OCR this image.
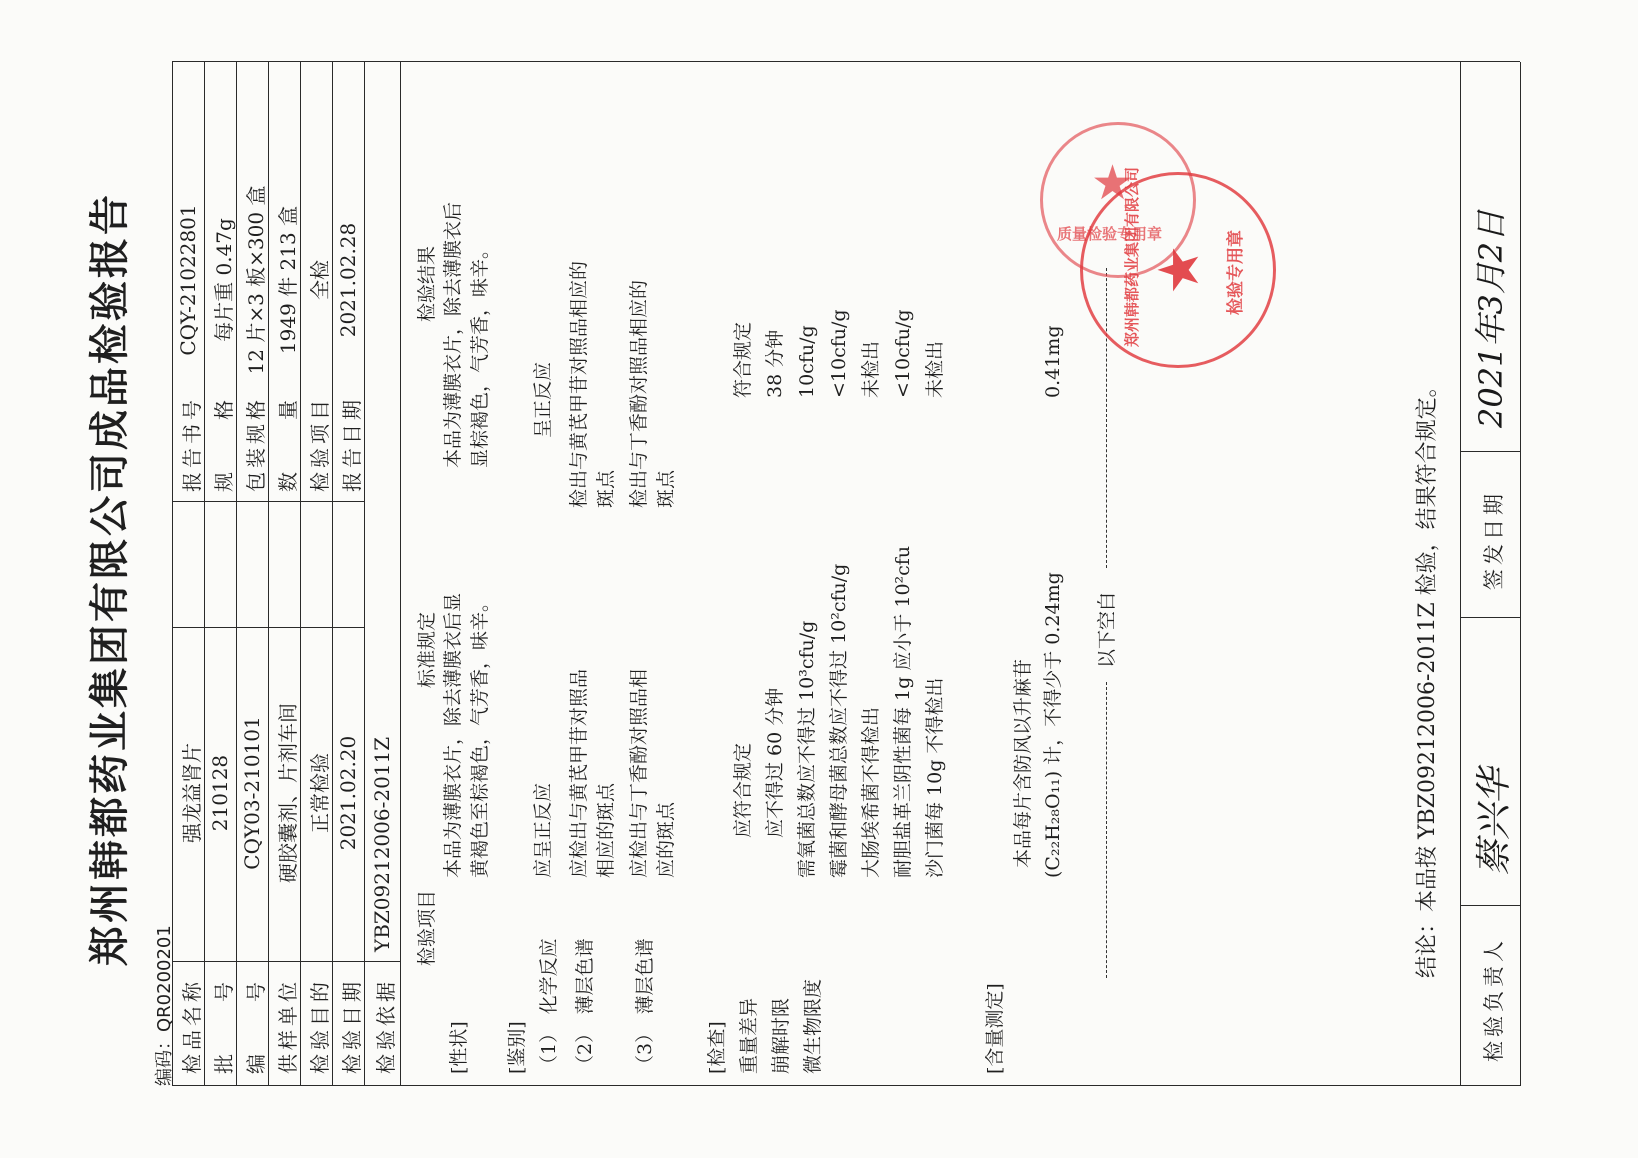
郑州韩都药业集团有限公司成品检验报告
编码：QR0200201 检品名称
强龙益肾片
报告书号
CQY-21022801
批　　号
210128
规　　格
每片重 0.47g
编　　号
CQY03-210101
包装规格
12 片×3 板×300 盒
供样单位
硬胶囊剂、片剂车间
数　　量
1949 件 213 盒
检验目的
正常检验
检验项目
全检
检验日期
2021.02.20
报告日期
2021.02.28
检验依据
YBZ09212006-2011Z 检验项目
标准规定
检验结果
[性状]
本品为薄膜衣片，除去薄膜衣后显 黄褐色至棕褐色，气芳香，味辛。
本品为薄膜衣片，除去薄膜衣后 显棕褐色，气芳香，味辛。
[鉴别] （1）　化学反应
应呈正反应
呈正反应
（2）　薄层色谱
应检出与黄芪甲苷对照品 相应的斑点
检出与黄芪甲苷对照品相应的 斑点
（3）　薄层色谱
应检出与丁香酚对照品相 应的斑点
检出与丁香酚对照品相应的 斑点
[检查] 重量差异
应符合规定
符合规定
崩解时限
应不得过 60 分钟
38 分钟
微生物限度
需氧菌总数应不得过 10³cfu/g
10cfu/g
霉菌和酵母菌总数应不得过 10²cfu/g
<10cfu/g
大肠埃希菌不得检出
未检出
耐胆盐革兰阴性菌每 1g 应小于 10²cfu
<10cfu/g
沙门菌每 10g 不得检出
未检出
[含量测定]
本品每片含防风以升麻苷 (C₂₂H₂₈O₁₁) 计，不得少于 0.24mg
0.41mg
以下空白	结论：本品按 YBZ09212006-2011Z 检验，结果符合规定。
检验负责人
蔡兴华
签发日期
2021年3月2日
郑州韩都药业集团有限公司 ★ 检验专用章
★
质量检验专用章
